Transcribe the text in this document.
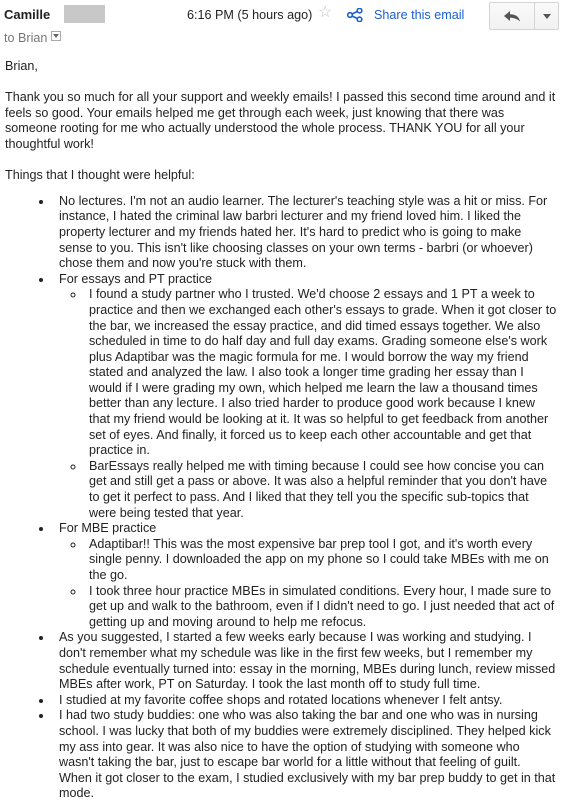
Camille	6:16 PM (5 hours ago) ☆	Share this email
to Brian

Brian,

Thank you so much for all your support and weekly emails! I passed this second time around and it feels so good. Your emails helped me get through each week, just knowing that there was someone rooting for me who actually understood the whole process. THANK YOU for all your thoughtful work!

Things that I thought were helpful:

• No lectures. I'm not an audio learner. The lecturer's teaching style was a hit or miss. For instance, I hated the criminal law barbri lecturer and my friend loved him. I liked the property lecturer and my friends hated her. It's hard to predict who is going to make sense to you. This isn't like choosing classes on your own terms - barbri (or whoever) chose them and now you're stuck with them.
• For essays and PT practice
◦ I found a study partner who I trusted. We'd choose 2 essays and 1 PT a week to practice and then we exchanged each other's essays to grade. When it got closer to the bar, we increased the essay practice, and did timed essays together. We also scheduled in time to do half day and full day exams. Grading someone else's work plus Adaptibar was the magic formula for me. I would borrow the way my friend stated and analyzed the law. I also took a longer time grading her essay than I would if I were grading my own, which helped me learn the law a thousand times better than any lecture. I also tried harder to produce good work because I knew that my friend would be looking at it. It was so helpful to get feedback from another set of eyes. And finally, it forced us to keep each other accountable and get that practice in.
◦ BarEssays really helped me with timing because I could see how concise you can get and still get a pass or above. It was also a helpful reminder that you don't have to get it perfect to pass. And I liked that they tell you the specific sub-topics that were being tested that year.
• For MBE practice
◦ Adaptibar!! This was the most expensive bar prep tool I got, and it's worth every single penny. I downloaded the app on my phone so I could take MBEs with me on the go.
◦ I took three hour practice MBEs in simulated conditions. Every hour, I made sure to get up and walk to the bathroom, even if I didn't need to go. I just needed that act of getting up and moving around to help me refocus.
• As you suggested, I started a few weeks early because I was working and studying. I don't remember what my schedule was like in the first few weeks, but I remember my schedule eventually turned into: essay in the morning, MBEs during lunch, review missed MBEs after work, PT on Saturday. I took the last month off to study full time.
• I studied at my favorite coffee shops and rotated locations whenever I felt antsy.
• I had two study buddies: one who was also taking the bar and one who was in nursing school. I was lucky that both of my buddies were extremely disciplined. They helped kick my ass into gear. It was also nice to have the option of studying with someone who wasn't taking the bar, just to escape bar world for a little without that feeling of guilt. When it got closer to the exam, I studied exclusively with my bar prep buddy to get in that mode.
